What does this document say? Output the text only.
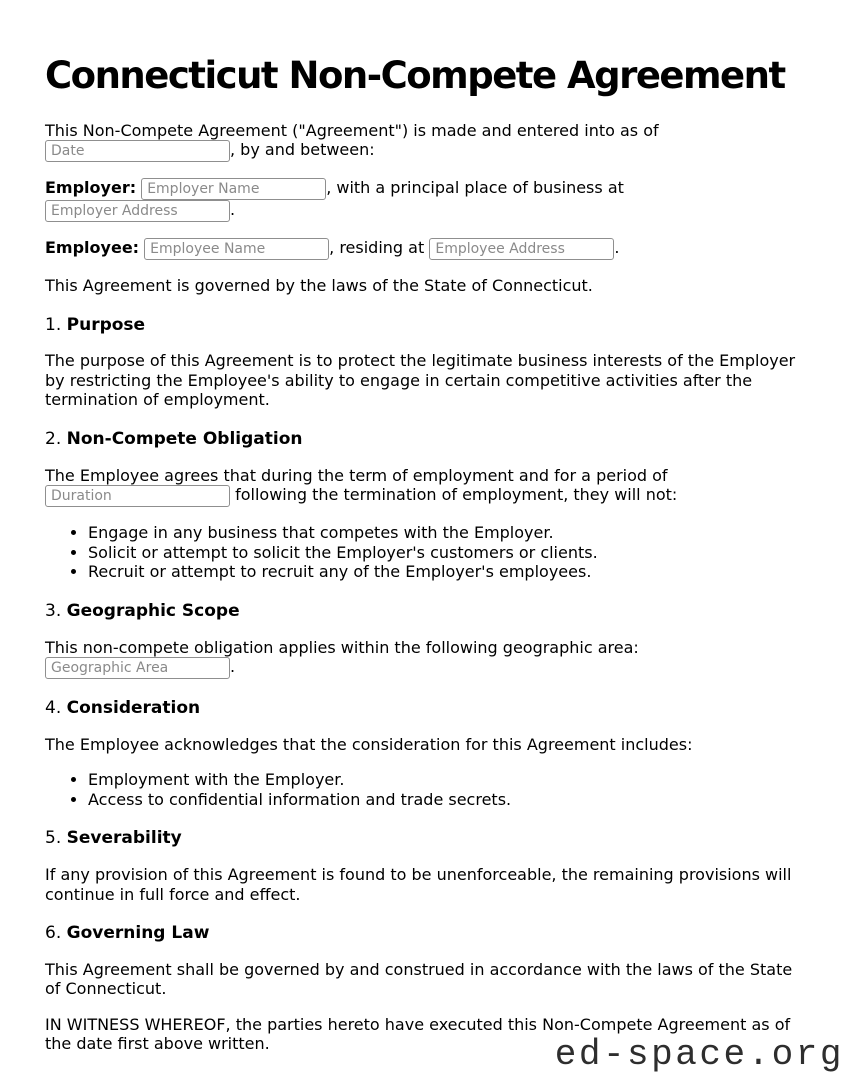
Connecticut Non-Compete Agreement

This Non-Compete Agreement ("Agreement") is made and entered into as of Date, by and between:

Employer: Employer Name	, with a principal place of business at Employer Address.

Employee: Employee Name	, residing at Employee Address	.

This Agreement is governed by the laws of the State of Connecticut.

1. Purpose

The purpose of this Agreement is to protect the legitimate business interests of the Employer by restricting the Employee's ability to engage in certain competitive activities after the termination of employment.

2. Non-Compete Obligation

The Employee agrees that during the term of employment and for a period of Duration following the termination of employment, they will not:

• Engage in any business that competes with the Employer.
• Solicit or attempt to solicit the Employer's customers or clients.
• Recruit or attempt to recruit any of the Employer's employees.

3. Geographic Scope

This non-compete obligation applies within the following geographic area: Geographic Area.

4. Consideration

The Employee acknowledges that the consideration for this Agreement includes:

• Employment with the Employer.
• Access to confidential information and trade secrets.

5. Severability

If any provision of this Agreement is found to be unenforceable, the remaining provisions will continue in full force and effect.

6. Governing Law

This Agreement shall be governed by and construed in accordance with the laws of the State of Connecticut.

IN WITNESS WHEREOF, the parties hereto have executed this Non-Compete Agreement as of the date first above written.	ed-space.org
